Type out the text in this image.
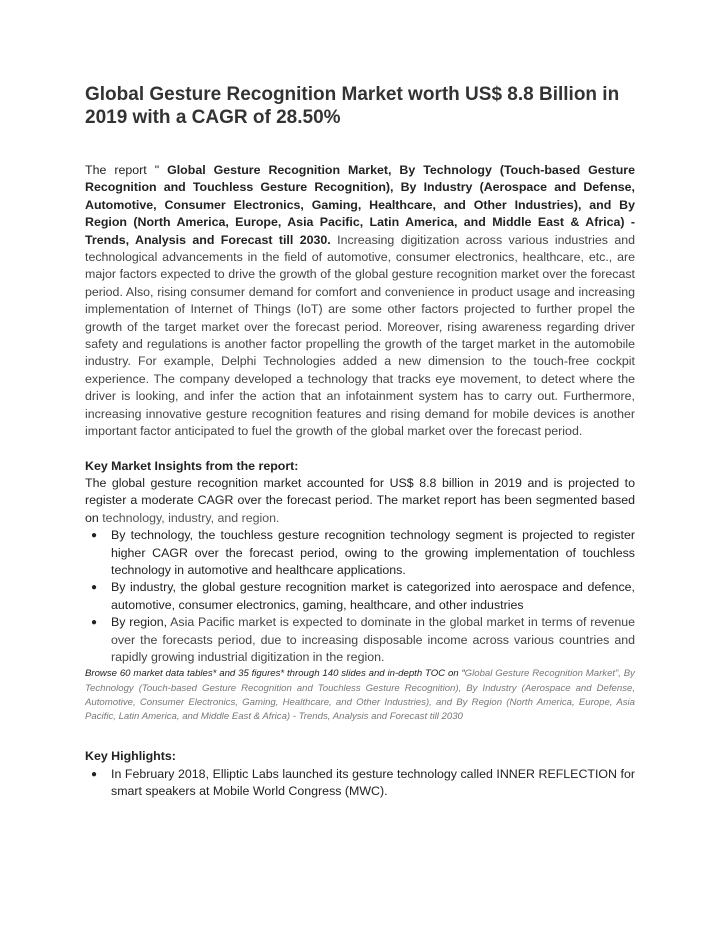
Global Gesture Recognition Market worth US$ 8.8 Billion in 2019 with a CAGR of 28.50%

The report " Global Gesture Recognition Market, By Technology (Touch-based Gesture Recognition and Touchless Gesture Recognition), By Industry (Aerospace and Defense, Automotive, Consumer Electronics, Gaming, Healthcare, and Other Industries), and By Region (North America, Europe, Asia Pacific, Latin America, and Middle East & Africa) - Trends, Analysis and Forecast till 2030. Increasing digitization across various industries and technological advancements in the field of automotive, consumer electronics, healthcare, etc., are major factors expected to drive the growth of the global gesture recognition market over the forecast period. Also, rising consumer demand for comfort and convenience in product usage and increasing implementation of Internet of Things (IoT) are some other factors projected to further propel the growth of the target market over the forecast period. Moreover, rising awareness regarding driver safety and regulations is another factor propelling the growth of the target market in the automobile industry. For example, Delphi Technologies added a new dimension to the touch-free cockpit experience. The company developed a technology that tracks eye movement, to detect where the driver is looking, and infer the action that an infotainment system has to carry out. Furthermore, increasing innovative gesture recognition features and rising demand for mobile devices is another important factor anticipated to fuel the growth of the global market over the forecast period.

Key Market Insights from the report:

The global gesture recognition market accounted for US$ 8.8 billion in 2019 and is projected to register a moderate CAGR over the forecast period. The market report has been segmented based on technology, industry, and region.

● By technology, the touchless gesture recognition technology segment is projected to register higher CAGR over the forecast period, owing to the growing implementation of touchless technology in automotive and healthcare applications.
● By industry, the global gesture recognition market is categorized into aerospace and defence, automotive, consumer electronics, gaming, healthcare, and other industries
● By region, Asia Pacific market is expected to dominate in the global market in terms of revenue over the forecasts period, due to increasing disposable income across various countries and rapidly growing industrial digitization in the region.

Browse 60 market data tables* and 35 figures* through 140 slides and in-depth TOC on “Global Gesture Recognition Market”, By Technology (Touch-based Gesture Recognition and Touchless Gesture Recognition), By Industry (Aerospace and Defense, Automotive, Consumer Electronics, Gaming, Healthcare, and Other Industries), and By Region (North America, Europe, Asia Pacific, Latin America, and Middle East & Africa) - Trends, Analysis and Forecast till 2030

Key Highlights:
● In February 2018, Elliptic Labs launched its gesture technology called INNER REFLECTION for smart speakers at Mobile World Congress (MWC).
